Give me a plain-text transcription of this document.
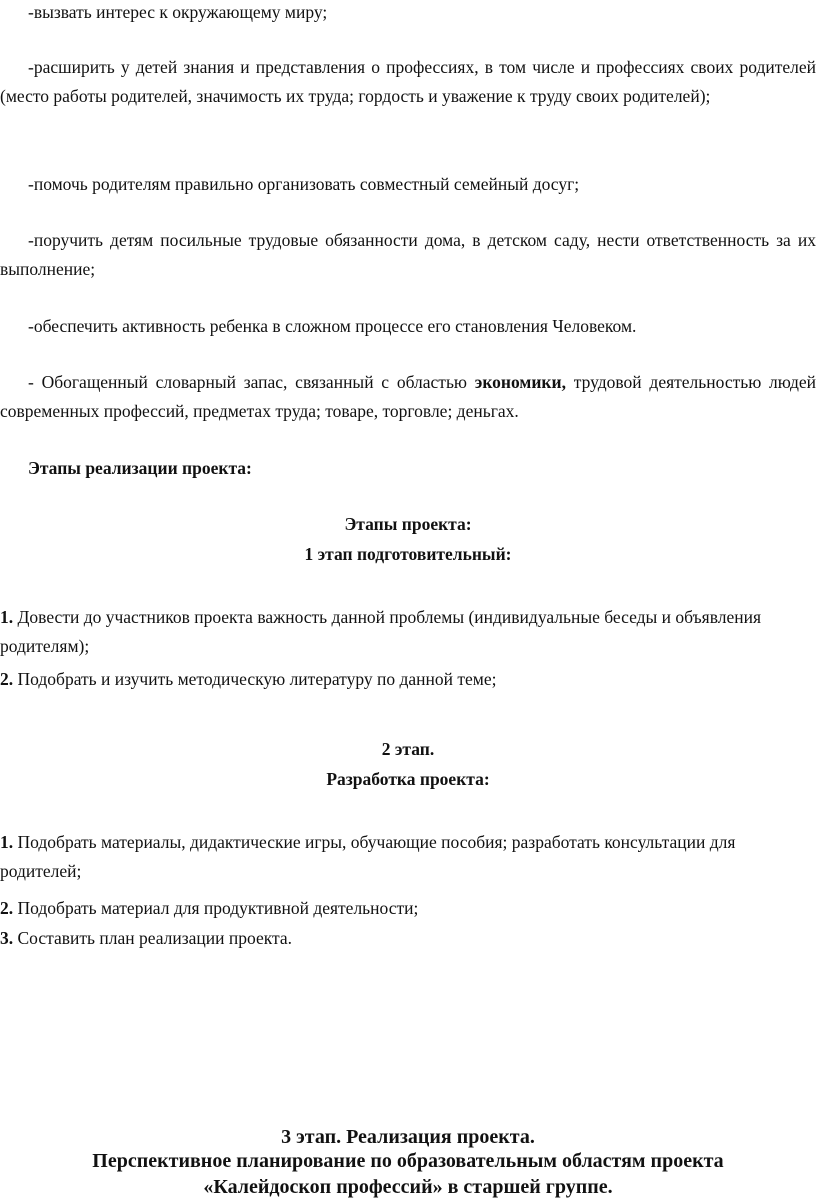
-вызвать интерес к окружающему миру;

-расширить у детей знания и представления о профессиях, в том числе и профессиях своих родителей (место работы родителей, значимость их труда; гордость и уважение к труду своих родителей);

-помочь родителям правильно организовать совместный семейный досуг;

-поручить детям посильные трудовые обязанности дома, в детском саду, нести ответственность за их выполнение;

-обеспечить активность ребенка в сложном процессе его становления Человеком.

- Обогащенный словарный запас, связанный с областью экономики, трудовой деятельностью людей современных профессий, предметах труда; товаре, торговле; деньгах.

Этапы реализации проекта:

Этапы проекта:

1 этап подготовительный:

1. Довести до участников проекта важность данной проблемы (индивидуальные беседы и объявления родителям);

2. Подобрать и изучить методическую литературу по данной теме;

2 этап.

Разработка проекта:

1. Подобрать материалы, дидактические игры, обучающие пособия; разработать консультации для родителей;

2. Подобрать материал для продуктивной деятельности;

3. Составить план реализации проекта.

3 этап. Реализация проекта.

Перспективное планирование по образовательным областям проекта

«Калейдоскоп профессий» в старшей группе.
